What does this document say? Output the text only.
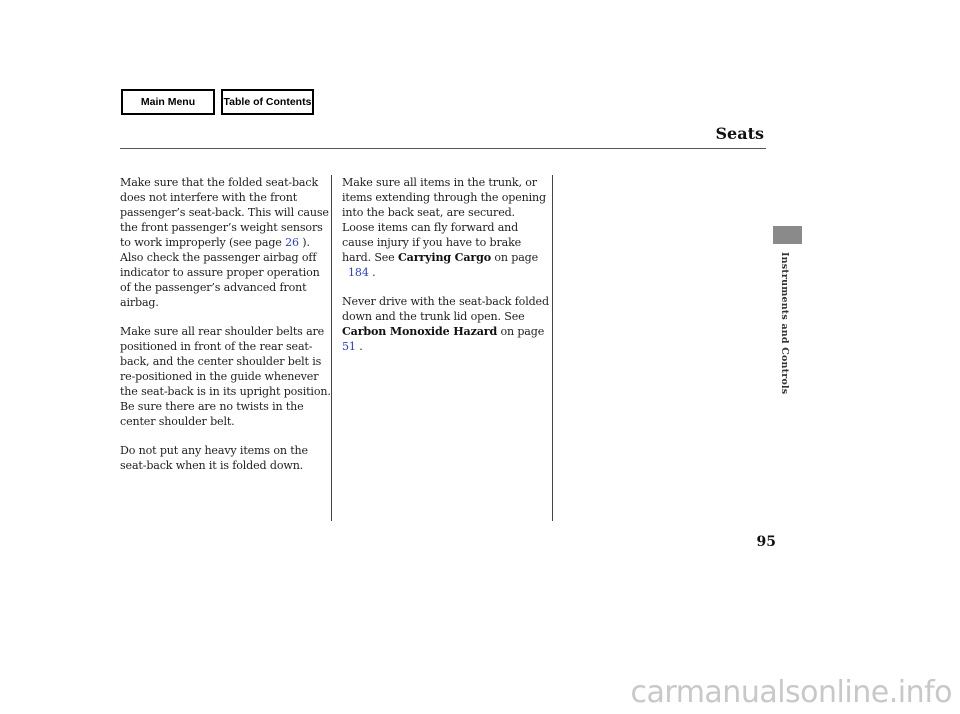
Main Menu	Table of Contents
Seats

Make sure that the folded seat-back does not interfere with the front passenger’s seat-back. This will cause the front passenger’s weight sensors to work improperly (see page 26 ). Also check the passenger airbag off indicator to assure proper operation of the passenger’s advanced front airbag.

Make sure all rear shoulder belts are positioned in front of the rear seat-back, and the center shoulder belt is re-positioned in the guide whenever the seat-back is in its upright position. Be sure there are no twists in the center shoulder belt.

Do not put any heavy items on the seat-back when it is folded down.

Make sure all items in the trunk, or items extending through the opening into the back seat, are secured. Loose items can fly forward and cause injury if you have to brake hard. See Carrying Cargo on page
184 .

Never drive with the seat-back folded down and the trunk lid open. See Carbon Monoxide Hazard on page 51 .	Instruments and Controls
95
carmanualsonline.info
